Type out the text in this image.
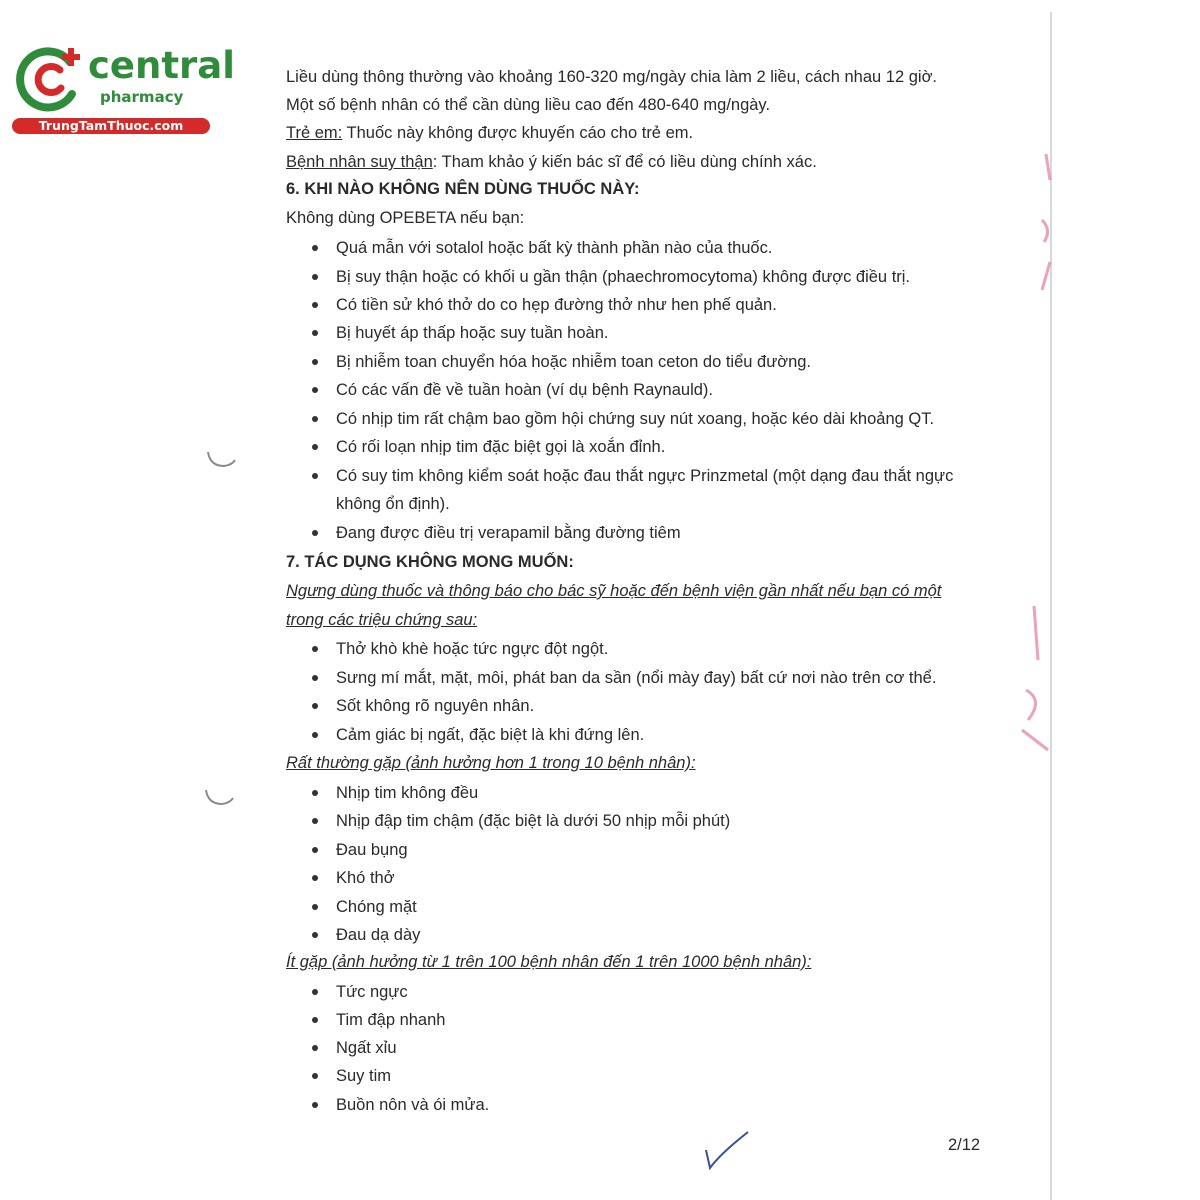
central
pharmacy
TrungTamThuoc.com
Liều dùng thông thường vào khoảng 160-320 mg/ngày chia làm 2 liều, cách nhau 12 giờ.
Một số bệnh nhân có thể cần dùng liều cao đến 480-640 mg/ngày.
Trẻ em: Thuốc này không được khuyến cáo cho trẻ em.
Bệnh nhân suy thận: Tham khảo ý kiến bác sĩ để có liều dùng chính xác.
6. KHI NÀO KHÔNG NÊN DÙNG THUỐC NÀY:
Không dùng OPEBETA nếu bạn:
Quá mẫn với sotalol hoặc bất kỳ thành phần nào của thuốc.
Bị suy thận hoặc có khối u gần thận (phaechromocytoma) không được điều trị.
Có tiền sử khó thở do co hẹp đường thở như hen phế quản.
Bị huyết áp thấp hoặc suy tuần hoàn.
Bị nhiễm toan chuyển hóa hoặc nhiễm toan ceton do tiểu đường.
Có các vấn đề về tuần hoàn (ví dụ bệnh Raynauld).
Có nhịp tim rất chậm bao gồm hội chứng suy nút xoang, hoặc kéo dài khoảng QT.
Có rối loạn nhịp tim đặc biệt gọi là xoắn đỉnh.
Có suy tim không kiểm soát hoặc đau thắt ngực Prinzmetal (một dạng đau thắt ngực
không ổn định).
Đang được điều trị verapamil bằng đường tiêm
7. TÁC DỤNG KHÔNG MONG MUỐN:
Ngưng dùng thuốc và thông báo cho bác sỹ hoặc đến bệnh viện gần nhất nếu bạn có một
trong các triệu chứng sau:
Thở khò khè hoặc tức ngực đột ngột.
Sưng mí mắt, mặt, môi, phát ban da sần (nổi mày đay) bất cứ nơi nào trên cơ thể.
Sốt không rõ nguyên nhân.
Cảm giác bị ngất, đặc biệt là khi đứng lên.
Rất thường gặp (ảnh hưởng hơn 1 trong 10 bệnh nhân):
Nhịp tim không đều
Nhịp đập tim chậm (đặc biệt là dưới 50 nhịp mỗi phút)
Đau bụng
Khó thở
Chóng mặt
Đau dạ dày
Ít gặp (ảnh hưởng từ 1 trên 100 bệnh nhân đến 1 trên 1000 bệnh nhân):
Tức ngực
Tim đập nhanh
Ngất xỉu
Suy tim
Buồn nôn và ói mửa.
2/12
